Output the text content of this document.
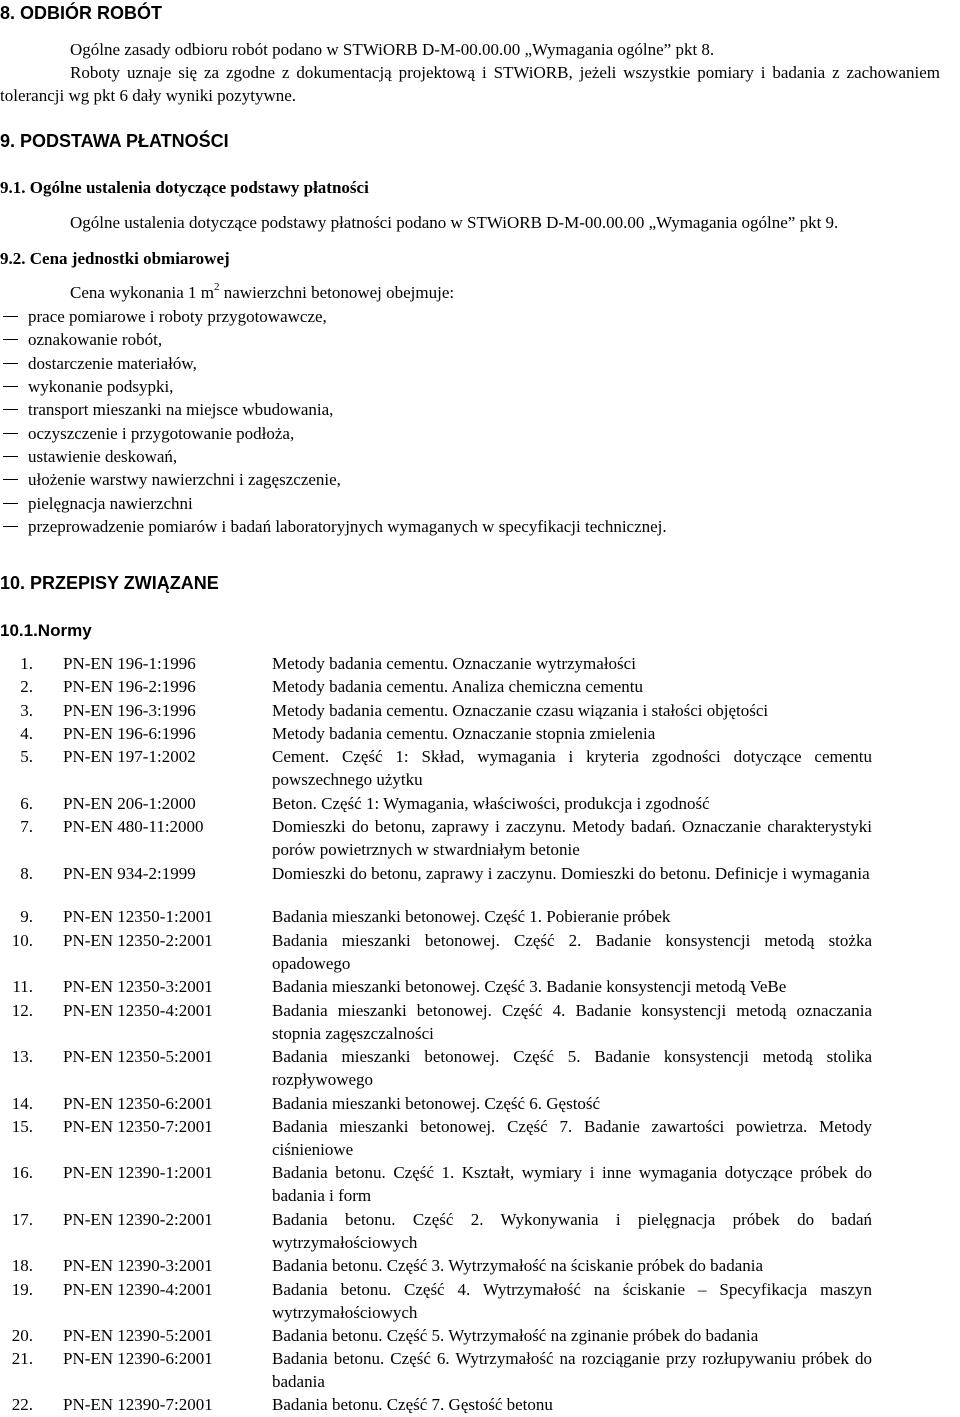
8. ODBIÓR ROBÓT
Ogólne zasady odbioru robót podano w STWiORB D-M-00.00.00 „Wymagania ogólne” pkt 8.
Roboty uznaje się za zgodne z dokumentacją projektową i STWiORB, jeżeli wszystkie pomiary i badania z zachowaniem tolerancji wg pkt 6 dały wyniki pozytywne.
9. PODSTAWA PŁATNOŚCI
9.1. Ogólne ustalenia dotyczące podstawy płatności
Ogólne ustalenia dotyczące podstawy płatności podano w STWiORB D-M-00.00.00 „Wymagania ogólne” pkt 9.
9.2. Cena jednostki obmiarowej
Cena wykonania 1 $m^2$ nawierzchni betonowej obejmuje:
prace pomiarowe i roboty przygotowawcze,
oznakowanie robót,
dostarczenie materiałów,
wykonanie podsypki,
transport mieszanki na miejsce wbudowania,
oczyszczenie i przygotowanie podłoża,
ustawienie deskowań,
ułożenie warstwy nawierzchni i zagęszczenie,
pielęgnacja nawierzchni
przeprowadzenie pomiarów i badań laboratoryjnych wymaganych w specyfikacji technicznej.
10. PRZEPISY ZWIĄZANE
10.1.Normy
1. PN-EN 196-1:1996	Metody badania cementu. Oznaczanie wytrzymałości
2. PN-EN 196-2:1996	Metody badania cementu. Analiza chemiczna cementu
3. PN-EN 196-3:1996	Metody badania cementu. Oznaczanie czasu wiązania i stałości objętości
4. PN-EN 196-6:1996	Metody badania cementu. Oznaczanie stopnia zmielenia
5. PN-EN 197-1:2002	Cement. Część 1: Skład, wymagania i kryteria zgodności dotyczące cementu powszechnego użytku
6. PN-EN 206-1:2000	Beton. Część 1: Wymagania, właściwości, produkcja i zgodność
7. PN-EN 480-11:2000	Domieszki do betonu, zaprawy i zaczynu. Metody badań. Oznaczanie charakterystyki porów powietrznych w stwardniałym betonie
8. PN-EN 934-2:1999	Domieszki do betonu, zaprawy i zaczynu. Domieszki do betonu. Definicje i wymagania
9. PN-EN 12350-1:2001	Badania mieszanki betonowej. Część 1. Pobieranie próbek
10. PN-EN 12350-2:2001	Badania mieszanki betonowej. Część 2. Badanie konsystencji metodą stożka opadowego
11. PN-EN 12350-3:2001	Badania mieszanki betonowej. Część 3. Badanie konsystencji metodą VeBe
12. PN-EN 12350-4:2001	Badania mieszanki betonowej. Część 4. Badanie konsystencji metodą oznaczania stopnia zagęszczalności
13. PN-EN 12350-5:2001	Badania mieszanki betonowej. Część 5. Badanie konsystencji metodą stolika rozpływowego
14. PN-EN 12350-6:2001	Badania mieszanki betonowej. Część 6. Gęstość
15. PN-EN 12350-7:2001	Badania mieszanki betonowej. Część 7. Badanie zawartości powietrza. Metody ciśnieniowe
16. PN-EN 12390-1:2001	Badania betonu. Część 1. Kształt, wymiary i inne wymagania dotyczące próbek do badania i form
17. PN-EN 12390-2:2001	Badania betonu. Część 2. Wykonywania i pielęgnacja próbek do badań wytrzymałościowych
18. PN-EN 12390-3:2001	Badania betonu. Część 3. Wytrzymałość na ściskanie próbek do badania
19. PN-EN 12390-4:2001	Badania betonu. Część 4. Wytrzymałość na ściskanie – Specyfikacja maszyn wytrzymałościowych
20. PN-EN 12390-5:2001	Badania betonu. Część 5. Wytrzymałość na zginanie próbek do badania
21. PN-EN 12390-6:2001	Badania betonu. Część 6. Wytrzymałość na rozciąganie przy rozłupywaniu próbek do badania
22. PN-EN 12390-7:2001	Badania betonu. Część 7. Gęstość betonu
